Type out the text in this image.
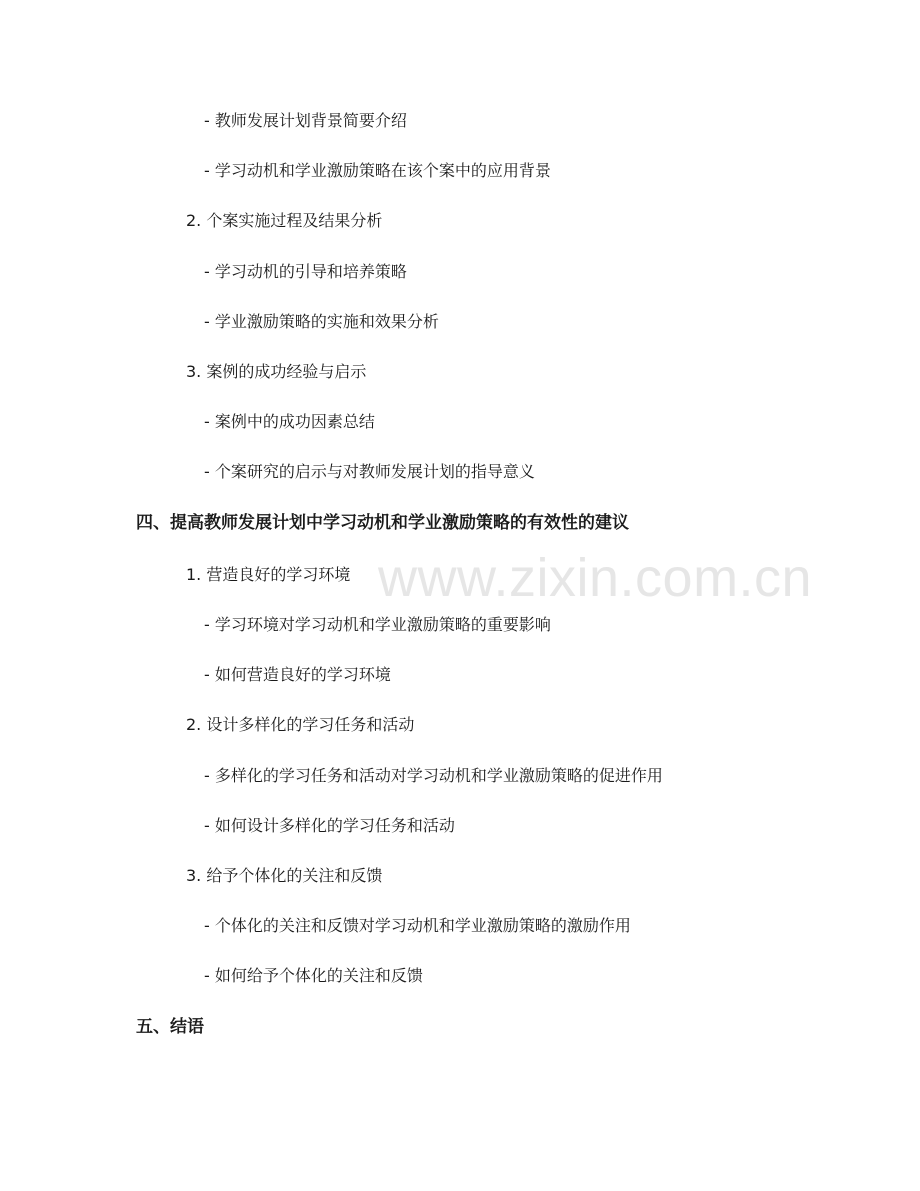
www.zixin.com.cn
- 教师发展计划背景简要介绍
- 学习动机和学业激励策略在该个案中的应用背景
2. 个案实施过程及结果分析
- 学习动机的引导和培养策略
- 学业激励策略的实施和效果分析
3. 案例的成功经验与启示
- 案例中的成功因素总结
- 个案研究的启示与对教师发展计划的指导意义
四、提高教师发展计划中学习动机和学业激励策略的有效性的建议
1. 营造良好的学习环境
- 学习环境对学习动机和学业激励策略的重要影响
- 如何营造良好的学习环境
2. 设计多样化的学习任务和活动
- 多样化的学习任务和活动对学习动机和学业激励策略的促进作用
- 如何设计多样化的学习任务和活动
3. 给予个体化的关注和反馈
- 个体化的关注和反馈对学习动机和学业激励策略的激励作用
- 如何给予个体化的关注和反馈
五、结语
